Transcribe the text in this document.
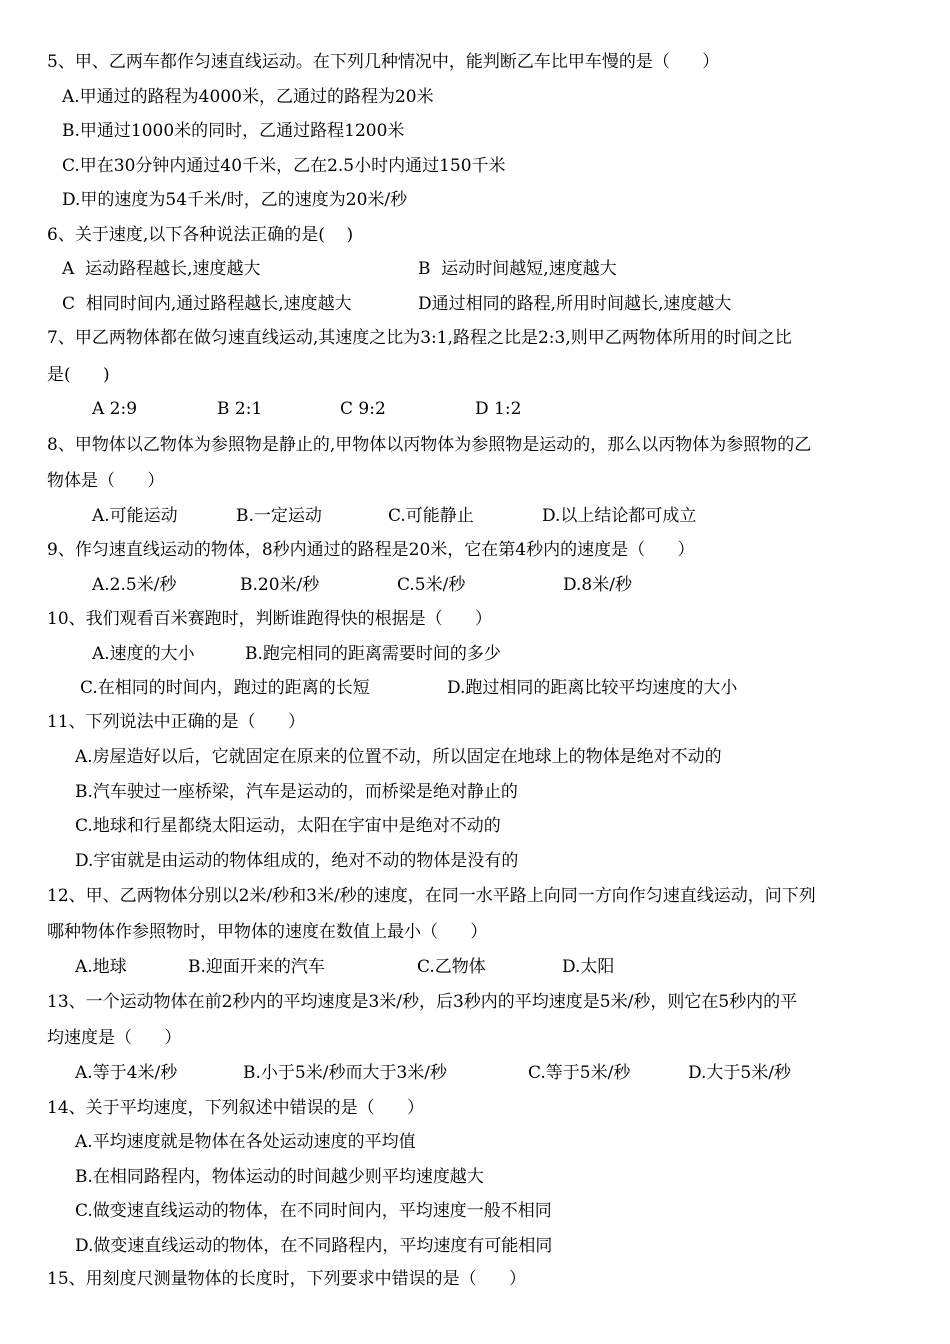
5、甲、乙两车都作匀速直线运动。在下列几种情况中，能判断乙车比甲车慢的是（      ）
A.甲通过的路程为4000米，乙通过的路程为20米
B.甲通过1000米的同时，乙通过路程1200米
C.甲在30分钟内通过40千米，乙在2.5小时内通过150千米
D.甲的速度为54千米/时，乙的速度为20米/秒
6、关于速度,以下各种说法正确的是(    )
A  运动路程越长,速度越大	B  运动时间越短,速度越大
C  相同时间内,通过路程越长,速度越大	D通过相同的路程,所用时间越长,速度越大
7、甲乙两物体都在做匀速直线运动,其速度之比为3:1,路程之比是2:3,则甲乙两物体所用的时间之比
是(      )
A 2:9	B 2:1	C 9:2	D 1:2
8、甲物体以乙物体为参照物是静止的,甲物体以丙物体为参照物是运动的，那么以丙物体为参照物的乙
物体是（      ）
A.可能运动	B.一定运动	C.可能静止	D.以上结论都可成立
9、作匀速直线运动的物体，8秒内通过的路程是20米，它在第4秒内的速度是（      ）
A.2.5米/秒	B.20米/秒	C.5米/秒	D.8米/秒
10、我们观看百米赛跑时，判断谁跑得快的根据是（      ）
A.速度的大小	B.跑完相同的距离需要时间的多少
C.在相同的时间内，跑过的距离的长短	D.跑过相同的距离比较平均速度的大小
11、下列说法中正确的是（      ）
A.房屋造好以后，它就固定在原来的位置不动，所以固定在地球上的物体是绝对不动的
B.汽车驶过一座桥梁，汽车是运动的，而桥梁是绝对静止的
C.地球和行星都绕太阳运动，太阳在宇宙中是绝对不动的
D.宇宙就是由运动的物体组成的，绝对不动的物体是没有的
12、甲、乙两物体分别以2米/秒和3米/秒的速度，在同一水平路上向同一方向作匀速直线运动，问下列
哪种物体作参照物时，甲物体的速度在数值上最小（      ）
A.地球	B.迎面开来的汽车	C.乙物体	D.太阳
13、一个运动物体在前2秒内的平均速度是3米/秒，后3秒内的平均速度是5米/秒，则它在5秒内的平
均速度是（      ）
A.等于4米/秒	B.小于5米/秒而大于3米/秒	C.等于5米/秒	D.大于5米/秒
14、关于平均速度，下列叙述中错误的是（      ）
A.平均速度就是物体在各处运动速度的平均值
B.在相同路程内，物体运动的时间越少则平均速度越大
C.做变速直线运动的物体，在不同时间内，平均速度一般不相同
D.做变速直线运动的物体，在不同路程内，平均速度有可能相同
15、用刻度尺测量物体的长度时，下列要求中错误的是（      ）
